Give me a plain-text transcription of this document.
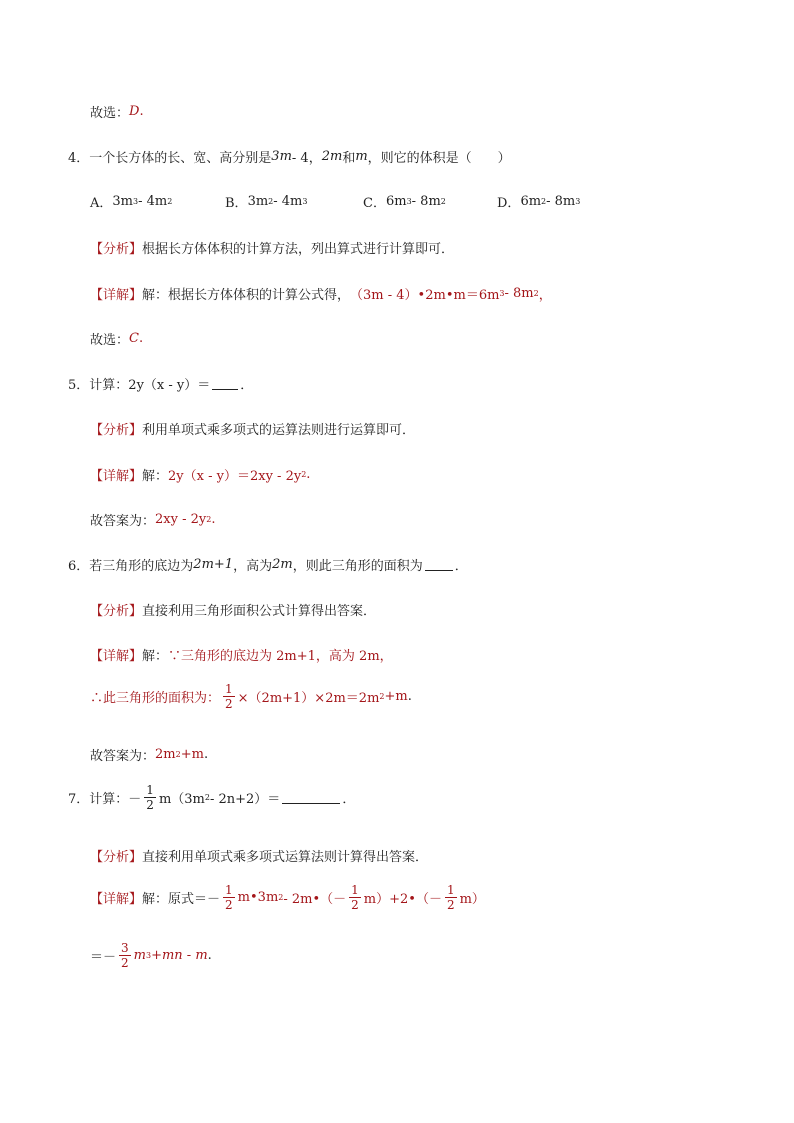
故选： D .
4． 一个长方体的长、宽、高分别是 3m - 4， 2m 和 m ，则它的体积是（　　）
A． 3m 3 - 4m 2	B． 3m 2 - 4m 3	C． 6m 3 - 8m 2	D． 6m 2 - 8m 3
【分析】 根据长方体体积的计算方法，列出算式进行计算即可．
【详解】 解：根据长方体体积的计算公式得， （3m - 4）•2m•m＝6m 3 - 8m 2 ，
故选： C .
5． 计算： 2y（x - y）＝ ．
【分析】 利用单项式乘多项式的运算法则进行运算即可．
【详解】 解： 2y（x - y）＝2xy - 2y 2 .
故答案为： 2xy - 2y 2 .
6． 若三角形的底边为 2m+1 ，高为 2m ，则此三角形的面积为 ．
【分析】 直接利用三角形面积公式计算得出答案．
【详解】 解： ∵三角形的底边为 2m+1，高为 2m，
∴此三角形的面积为： $\frac{1}{2} \times(2m+1)\times 2m=2m$ 2 +m .
故答案为： 2m 2 +m .
7． 计算：－ $\frac{1}{2} m(3m$ 2 - 2n+2）＝	．
【分析】 直接利用单项式乘多项式运算法则计算得出答案．
【详解】 解：原式＝－ $\frac{1}{2}$ m•3m 2 - 2m•（－ $\frac{1}{2}$ m）+2•（－ $\frac{1}{2} m$）
＝－ $\frac{3}{2}$ m 3 +mn - m .
